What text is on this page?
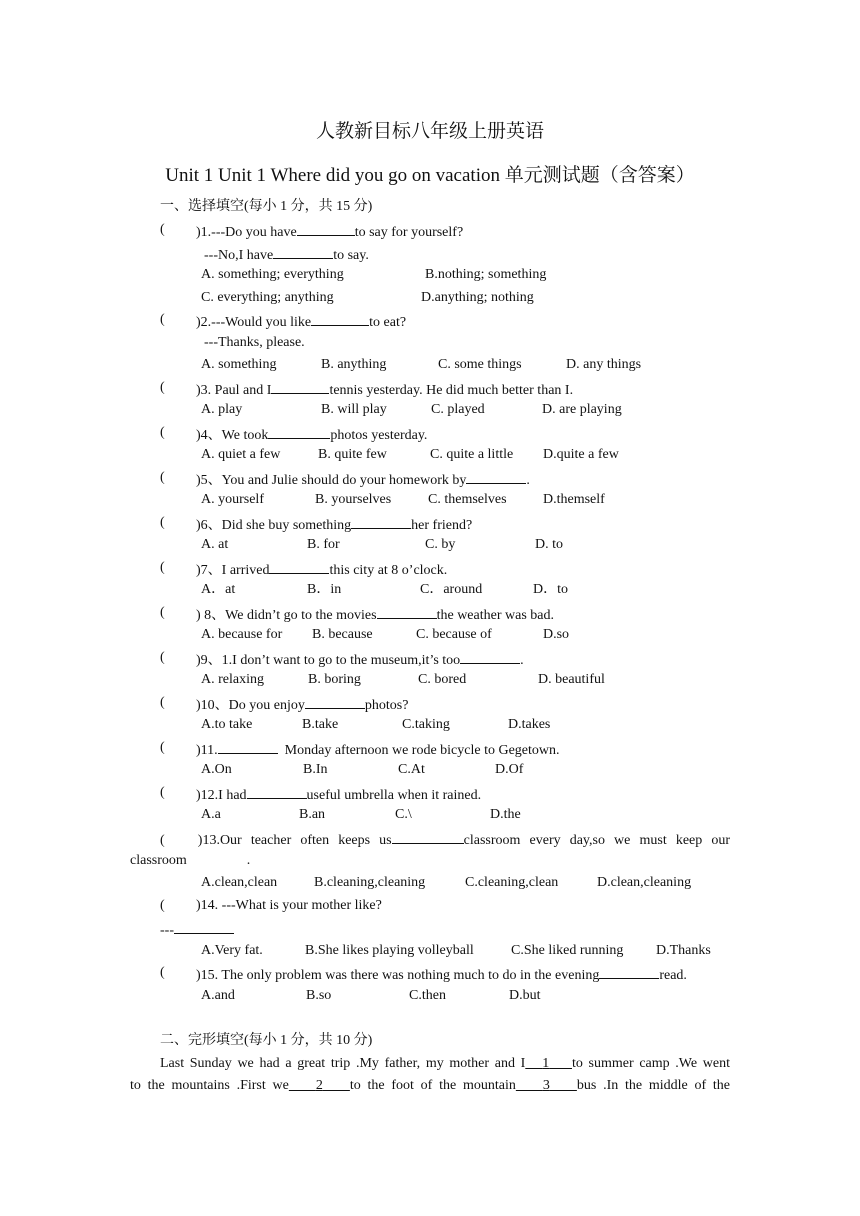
人教新目标八年级上册英语
Unit 1 Unit 1 Where did you go on vacation 单元测试题（含答案）
一、选择填空(每小 1 分，共 15 分)
( )1.---Do you have	to say for yourself?
---No,I have	to say.
A. something; everything	B.nothing; something
C. everything; anything	D.anything; nothing
( )2.---Would you like	to eat?
---Thanks, please.
A. something	B. anything	C. some things	D. any things
( )3. Paul and I	tennis yesterday. He did much better than I.
A. play	B. will play	C. played	D. are playing
( )4、We took	photos yesterday.
A. quiet a few	B. quite few	C. quite a little D.quite a few
( )5、You and Julie should do your homework by	.
A. yourself	B. yourselves	C. themselves	D.themself
( )6、Did she buy something	her friend?
A. at	B. for	C. by	D. to
( )7、I arrived	this city at 8 o’clock.
A．at	B．in	C．around	D．to
( ) 8、We didn’t go to the movies	the weather was bad.
A. because for B. because	C. because of	D.so
( )9、1.I don’t want to go to the museum,it’s too	.
A. relaxing	B. boring	C. bored	D. beautiful
( )10、Do you enjoy	photos?
A.to take	B.take	C.taking	D.takes
( )11.	Monday afternoon we rode bicycle to Gegetown.
A.On	B.In	C.At	D.Of
( )12.I had	useful umbrella when it rained.
A.a	B.an	C.\	D.the
( )13.Our teacher often keeps us	classroom every day,so we must keep our
classroom	.
A.clean,clean	B.cleaning,cleaning	C.cleaning,clean	D.clean,cleaning
( )14. ---What is your mother like?
---
A.Very fat.	B.She likes playing volleyball	C.She liked running D.Thanks
( )15. The only problem was there was nothing much to do in the evening	read.
A.and	B.so	C.then	D.but
二、完形填空(每小 1 分，共 10 分)
Last Sunday we had a great trip .My father, my mother and I 1 to summer camp .We went
to the mountains .First we 2 to the foot of the mountain 3 bus .In the middle of the
